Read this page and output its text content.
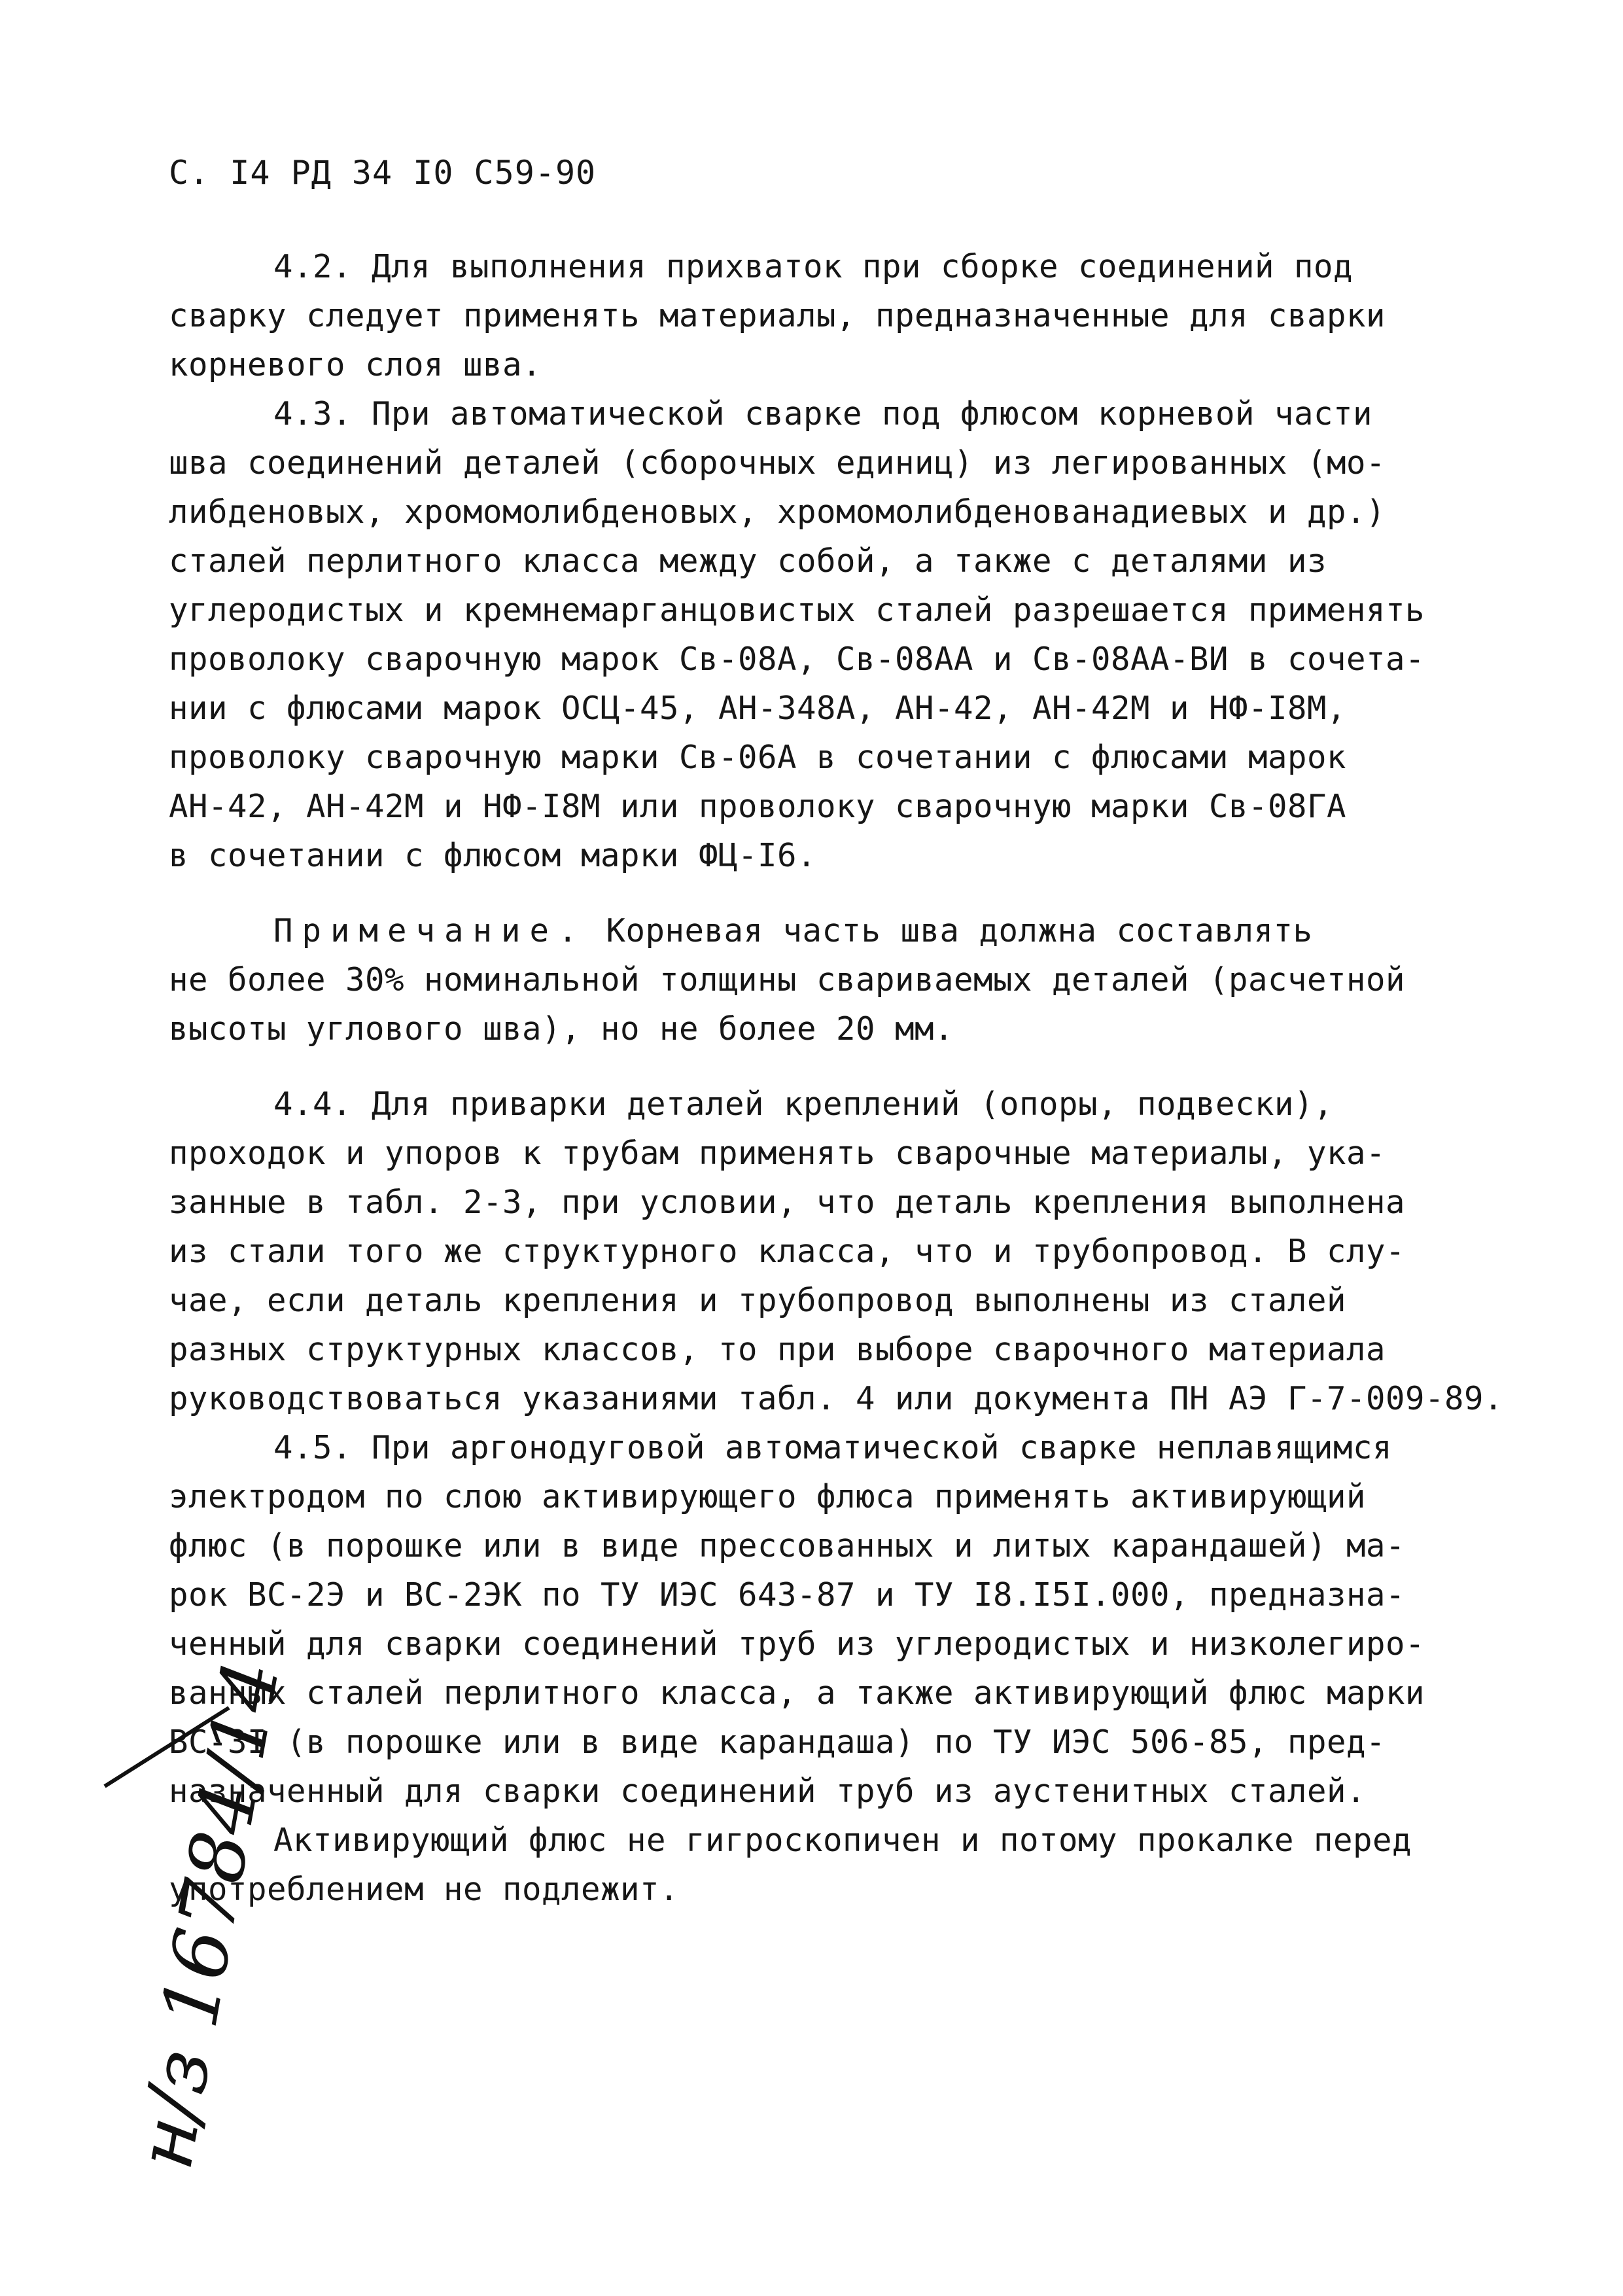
С. I4 РД 34 I0 С59-90

4.2. Для выполнения прихваток при сборке соединений под
сварку следует применять материалы, предназначенные для сварки
корневого слоя шва.

4.3. При автоматической сварке под флюсом корневой части
шва соединений деталей (сборочных единиц) из легированных (мо-
либденовых, хромомолибденовых, хромомолибденованадиевых и др.)
сталей перлитного класса между собой, а также с деталями из
углеродистых и кремнемарганцовистых сталей разрешается применять
проволоку сварочную марок Св-08А, Св-08АА и Св-08АА-ВИ в сочета-
нии с флюсами марок ОСЦ-45, АН-348А, АН-42, АН-42М и НФ-I8М,
проволоку сварочную марки Св-06А в сочетании с флюсами марок
АН-42, АН-42М и НФ-I8М или проволоку сварочную марки Св-08ГА
в сочетании с флюсом марки ФЦ-I6.

Примечание. Корневая часть шва должна составлять
не более 30% номинальной толщины свариваемых деталей (расчетной
высоты углового шва), но не более 20 мм.

4.4. Для приварки деталей креплений (опоры, подвески),
проходок и упоров к трубам применять сварочные материалы, ука-
занные в табл. 2-3, при условии, что деталь крепления выполнена
из стали того же структурного класса, что и трубопровод. В слу-
чае, если деталь крепления и трубопровод выполнены из сталей
разных структурных классов, то при выборе сварочного материала
руководствоваться указаниями табл. 4 или документа ПН АЭ Г-7-009-89.

4.5. При аргонодуговой автоматической сварке неплавящимся
электродом по слою активирующего флюса применять активирующий
флюс (в порошке или в виде прессованных и литых карандашей) ма-
рок ВС-2Э и ВС-2ЭК по ТУ ИЭС 643-87 и ТУ I8.I5I.000, предназна-
ченный для сварки соединений труб из углеродистых и низколегиро-
ванных сталей перлитного класса, а также активирующий флюс марки
ВС-3I (в порошке или в виде карандаша) по ТУ ИЭС 506-85, пред-
назначенный для сварки соединений труб из аустенитных сталей.

Активирующий флюс не гигроскопичен и потому прокалке перед
употреблением не подлежит.

н/з 16784/14
